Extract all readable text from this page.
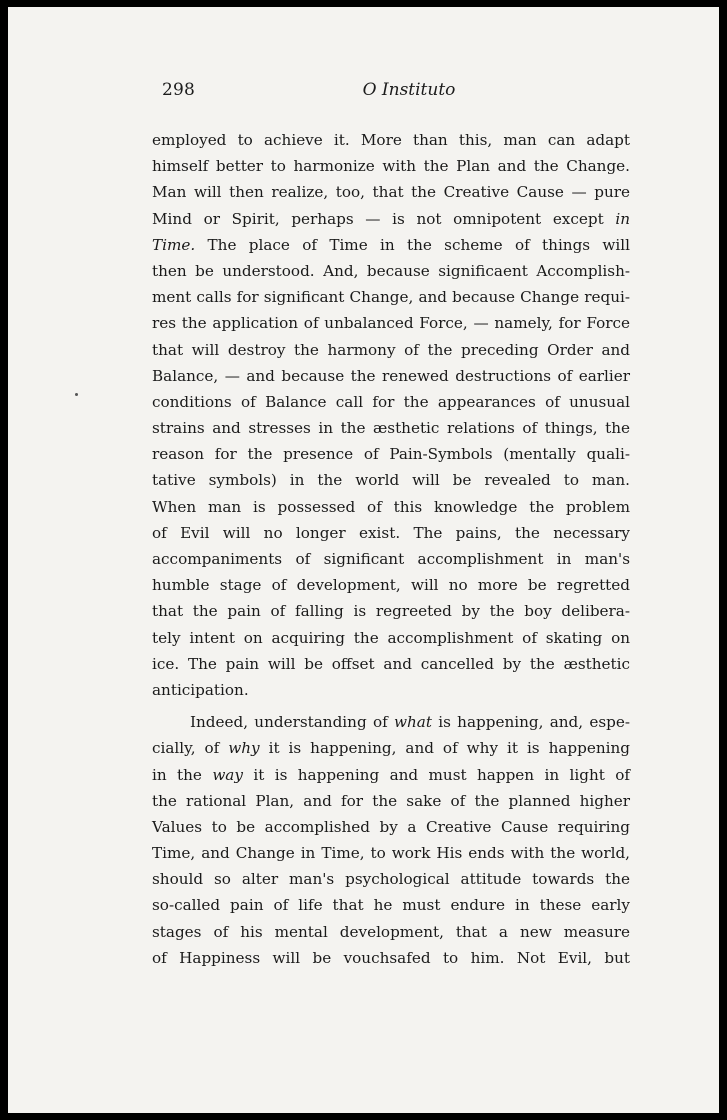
298	O Instituto
employed to achieve it. More than this, man can adapt
himself better to harmonize with the Plan and the Change.
Man will then realize, too, that the Creative Cause — pure
Mind or Spirit, perhaps — is not omnipotent except in
Time. The place of Time in the scheme of things will
then be understood. And, because significaent Accomplish-
ment calls for significant Change, and because Change requi-
res the application of unbalanced Force, — namely, for Force
that will destroy the harmony of the preceding Order and
Balance, — and because the renewed destructions of earlier
conditions of Balance call for the appearances of unusual
strains and stresses in the æsthetic relations of things, the
reason for the presence of Pain-Symbols (mentally quali-
tative symbols) in the world will be revealed to man.
When man is possessed of this knowledge the problem
of Evil will no longer exist. The pains, the necessary
accompaniments of significant accomplishment in man's
humble stage of development, will no more be regretted
that the pain of falling is regreeted by the boy delibera-
tely intent on acquiring the accomplishment of skating on
ice. The pain will be offset and cancelled by the æsthetic
anticipation.
Indeed, understanding of what is happening, and, espe-
cially, of why it is happening, and of why it is happening
in the way it is happening and must happen in light of
the rational Plan, and for the sake of the planned higher
Values to be accomplished by a Creative Cause requiring
Time, and Change in Time, to work His ends with the world,
should so alter man's psychological attitude towards the
so-called pain of life that he must endure in these early
stages of his mental development, that a new measure
of Happiness will be vouchsafed to him. Not Evil, but
